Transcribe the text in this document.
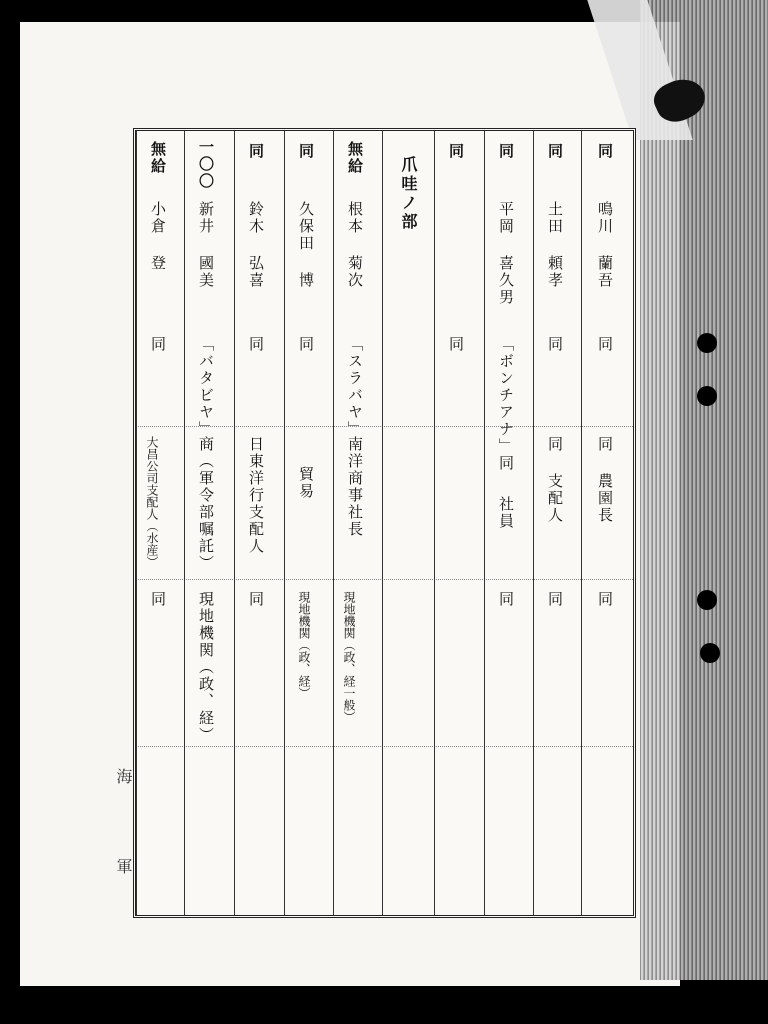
海
軍
同
鳴川 蘭吾
同
同 農園長
同
同
土田 頼孝
同
同 支配人
同
同
平岡 喜久男
「ボンチアナ」同
社員
同
同
同
爪哇ノ部
無給
根本 菊次
「スラバヤ」
南洋商事社長
現地機関（政、経一般）
同
久保田 博
同
貿易
現地機関（政、経）
同
鈴木 弘喜
同
日東洋行支配人
同
一〇〇
新井 國美
「バタビヤ」
商（軍令部嘱託）
現地機関（政、経）
無給
小倉 登
同
大昌公司支配人（水産）
同
